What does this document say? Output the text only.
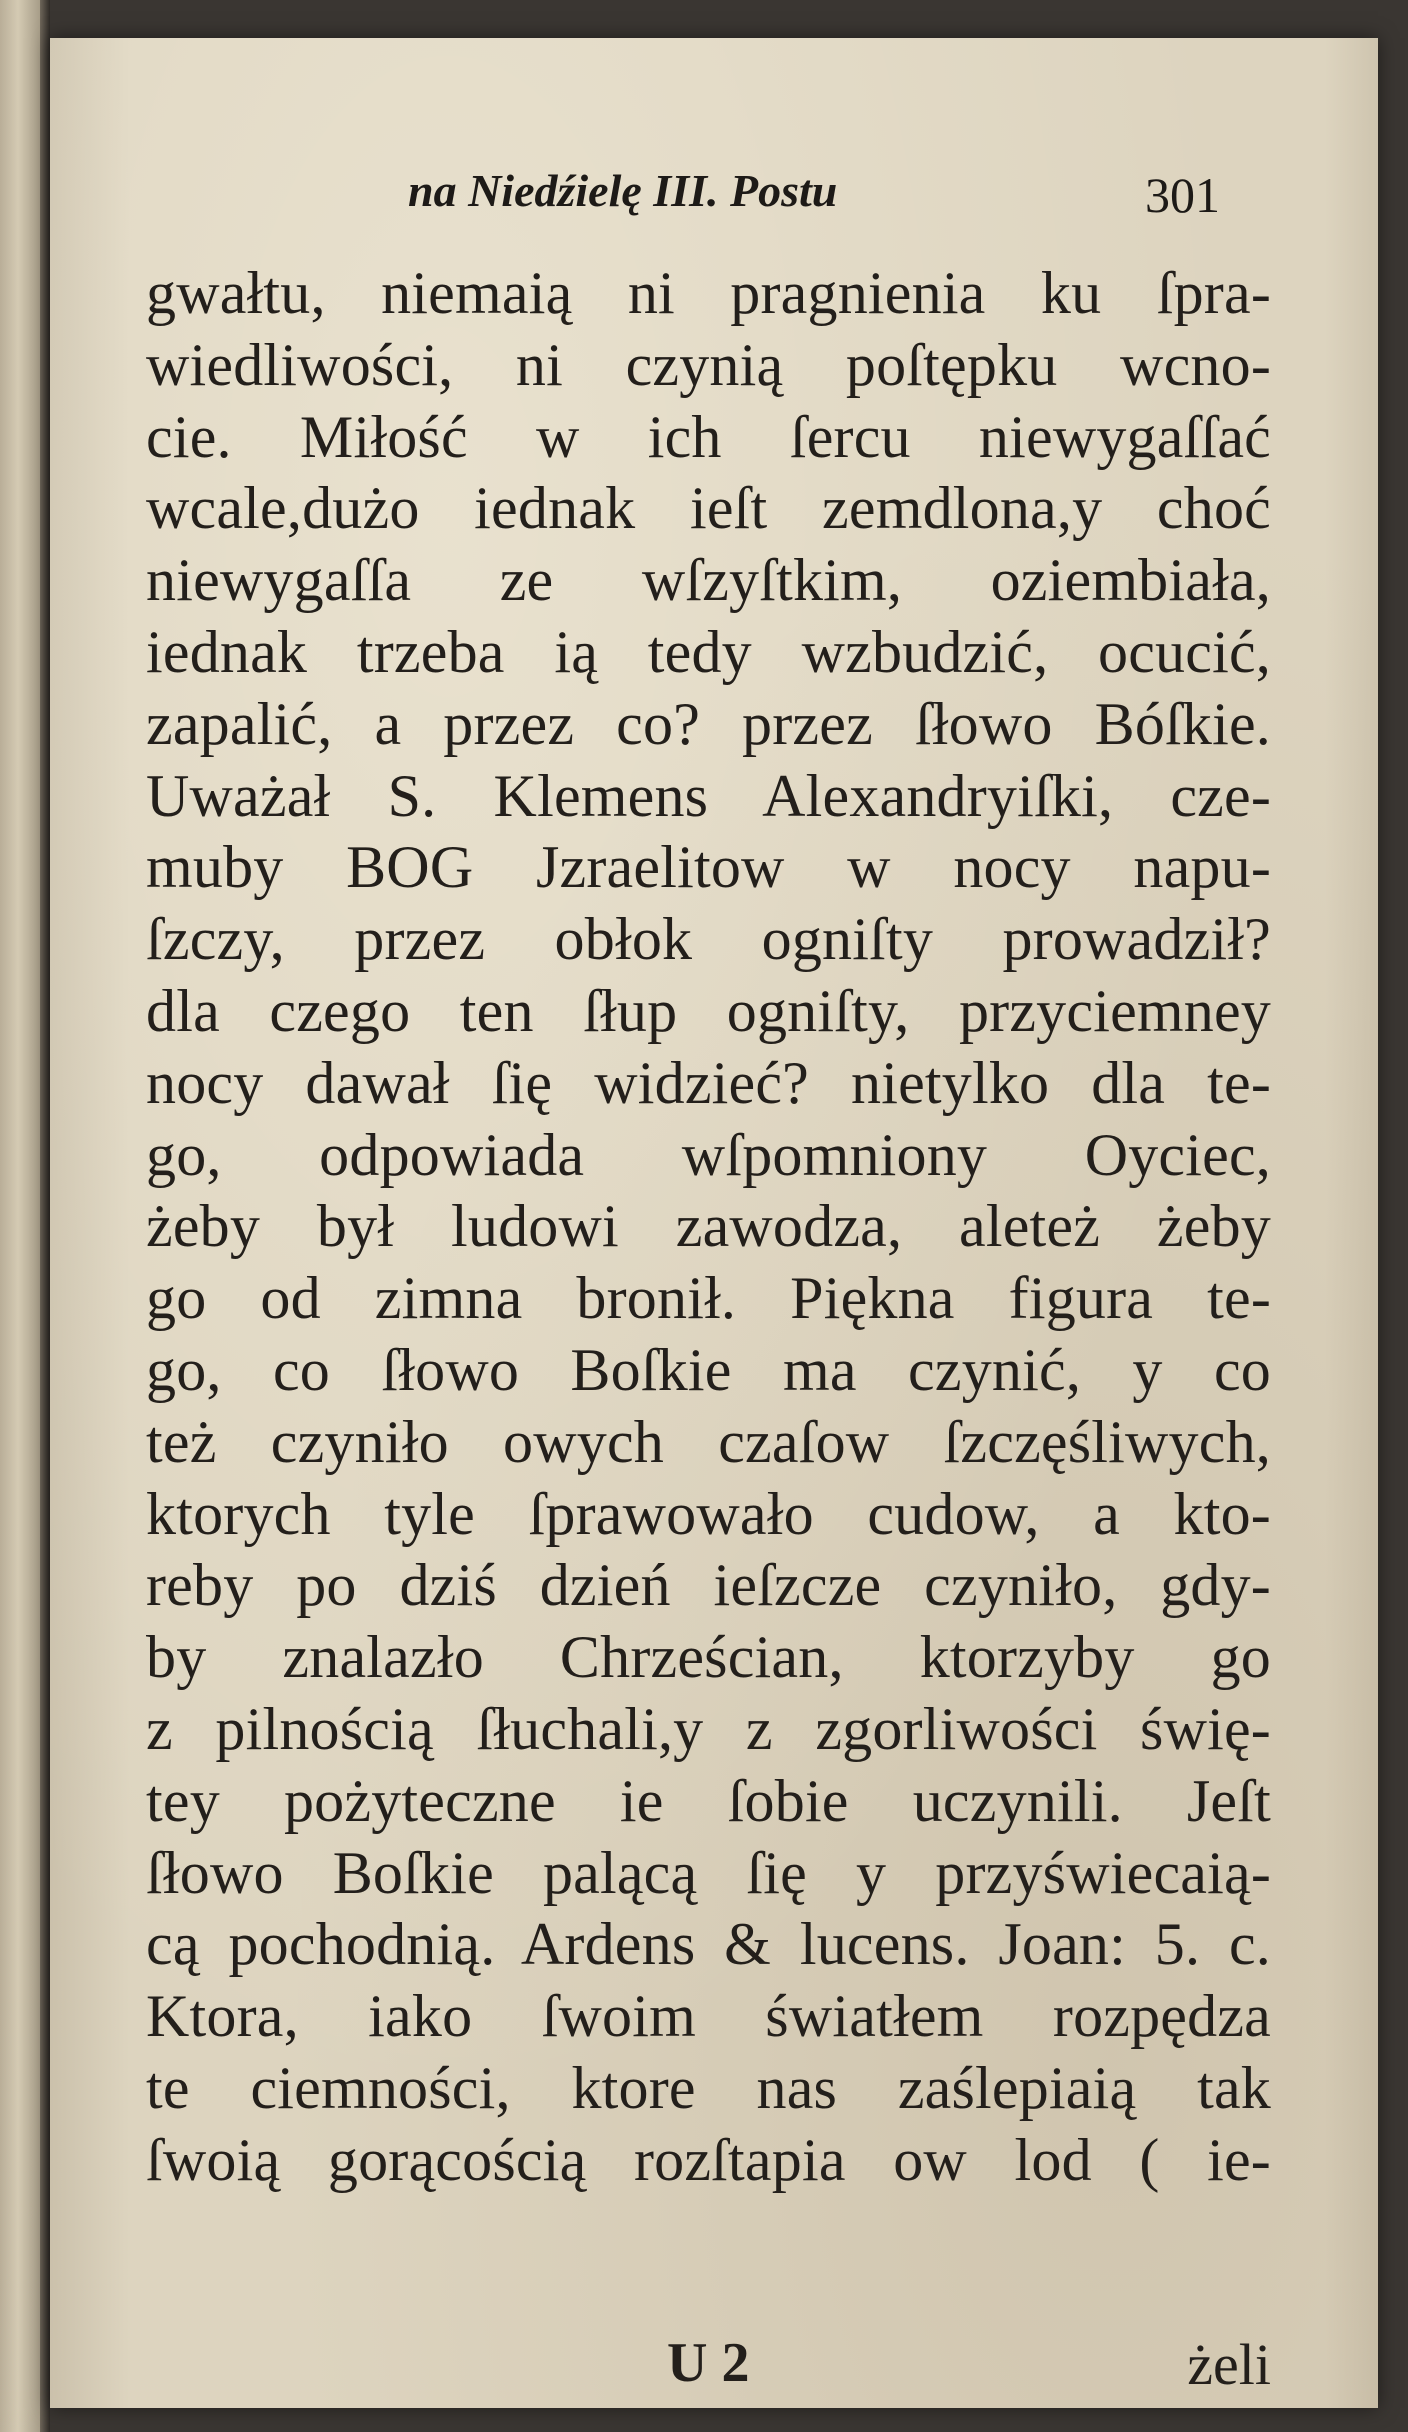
na Niedźielę III. Postu	301
gwałtu, niemaią ni pragnienia ku ſpra-
wiedliwości, ni czynią poſtępku wcno-
cie. Miłość w ich ſercu niewygaſſać
wcale,dużo iednak ieſt zemdlona,y choć
niewygaſſa ze wſzyſtkim, oziembiała,
iednak trzeba ią tedy wzbudzić, ocucić,
zapalić, a przez co? przez ſłowo Bóſkie.
Uważał S. Klemens Alexandryiſki, cze-
muby BOG Jzraelitow w nocy napu-
ſzczy, przez obłok ogniſty prowadził?
dla czego ten ſłup ogniſty, przyciemney
nocy dawał ſię widzieć? nietylko dla te-
go, odpowiada wſpomniony Oyciec,
żeby był ludowi zawodza, aleteż żeby
go od zimna bronił. Piękna figura te-
go, co ſłowo Boſkie ma czynić, y co
też czyniło owych czaſow ſzczęśliwych,
ktorych tyle ſprawowało cudow, a kto-
reby po dziś dzień ieſzcze czyniło, gdy-
by znalazło Chrześcian, ktorzyby go
z pilnością ſłuchali,y z zgorliwości świę-
tey pożyteczne ie ſobie uczynili. Jeſt
ſłowo Boſkie palącą ſię y przyświecaią-
cą pochodnią. Ardens & lucens. Joan: 5. c.
Ktora, iako ſwoim światłem rozpędza
te ciemności, ktore nas zaślepiaią tak
ſwoią gorącością rozſtapia ow lod ( ie-
U 2	żeli
